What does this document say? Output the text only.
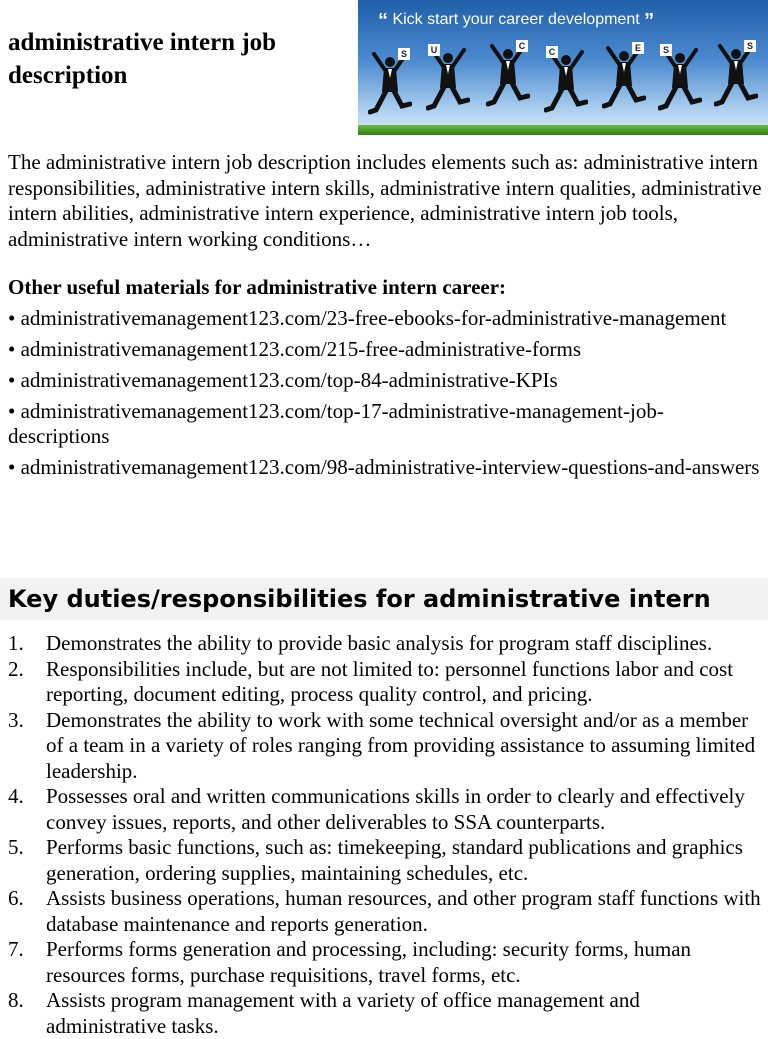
administrative intern job description
“ Kick start your career development ”
S	U	C
C	E	S	S

The administrative intern job description includes elements such as: administrative intern responsibilities, administrative intern skills, administrative intern qualities, administrative intern abilities, administrative intern experience, administrative intern job tools, administrative intern working conditions…

Other useful materials for administrative intern career:

• administrativemanagement123.com/23-free-ebooks-for-administrative-management
• administrativemanagement123.com/215-free-administrative-forms
• administrativemanagement123.com/top-84-administrative-KPIs
• administrativemanagement123.com/top-17-administrative-management-job-descriptions
• administrativemanagement123.com/98-administrative-interview-questions-and-answers
Key duties/responsibilities for administrative intern
1. Demonstrates the ability to provide basic analysis for program staff disciplines.
2. Responsibilities include, but are not limited to: personnel functions labor and cost reporting, document editing, process quality control, and pricing.
3. Demonstrates the ability to work with some technical oversight and/or as a member of a team in a variety of roles ranging from providing assistance to assuming limited leadership.
4. Possesses oral and written communications skills in order to clearly and effectively convey issues, reports, and other deliverables to SSA counterparts.
5. Performs basic functions, such as: timekeeping, standard publications and graphics generation, ordering supplies, maintaining schedules, etc.
6. Assists business operations, human resources, and other program staff functions with database maintenance and reports generation.
7. Performs forms generation and processing, including: security forms, human resources forms, purchase requisitions, travel forms, etc.
8. Assists program management with a variety of office management and administrative tasks.
